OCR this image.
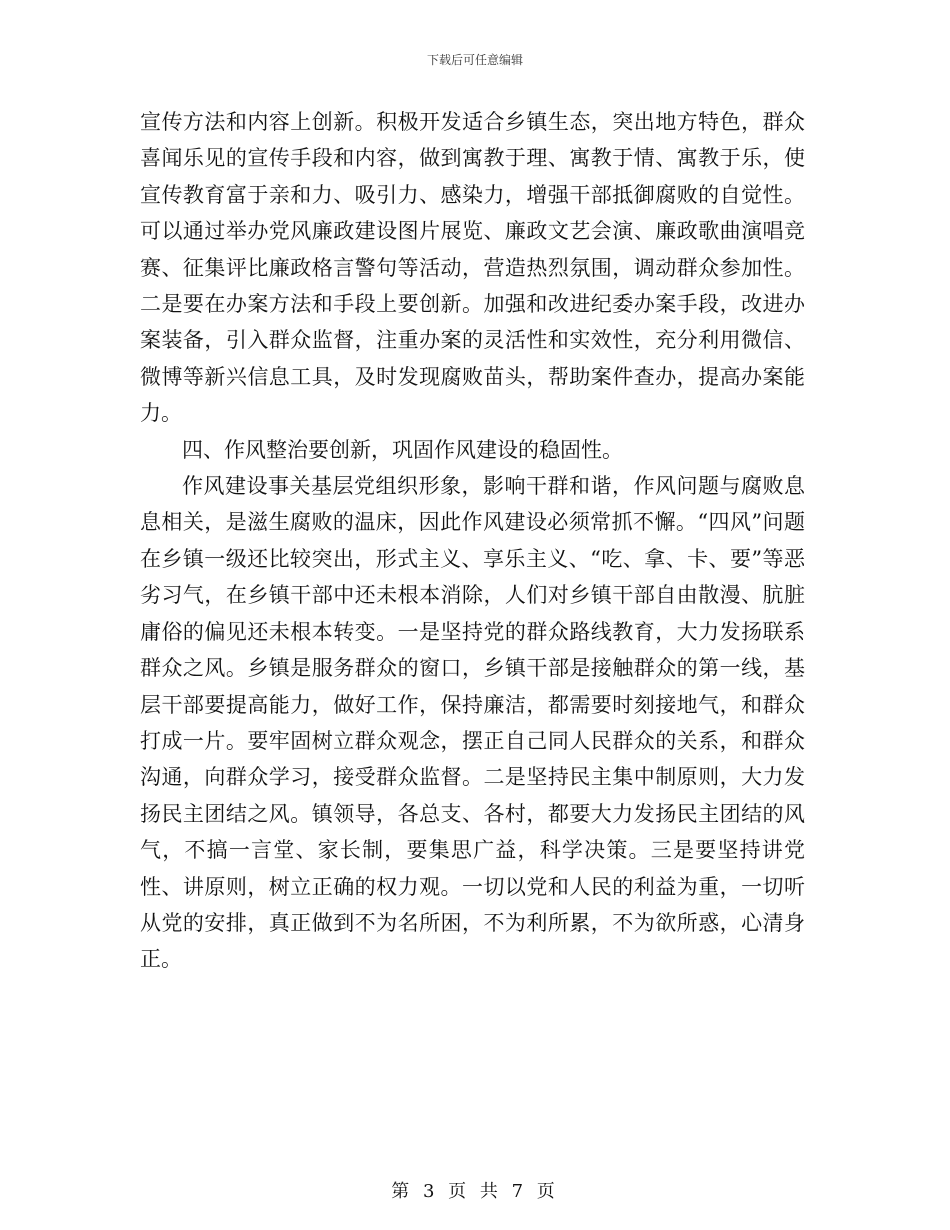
下载后可任意编辑

宣传方法和内容上创新。积极开发适合乡镇生态，突出地方特色，群众喜闻乐见的宣传手段和内容，做到寓教于理、寓教于情、寓教于乐，使宣传教育富于亲和力、吸引力、感染力，增强干部抵御腐败的自觉性。可以通过举办党风廉政建设图片展览、廉政文艺会演、廉政歌曲演唱竞赛、征集评比廉政格言警句等活动，营造热烈氛围，调动群众参加性。二是要在办案方法和手段上要创新。加强和改进纪委办案手段，改进办案装备，引入群众监督，注重办案的灵活性和实效性，充分利用微信、微博等新兴信息工具，及时发现腐败苗头，帮助案件查办，提高办案能力。

四、作风整治要创新，巩固作风建设的稳固性。

作风建设事关基层党组织形象，影响干群和谐，作风问题与腐败息息相关，是滋生腐败的温床，因此作风建设必须常抓不懈。“四风”问题在乡镇一级还比较突出，形式主义、享乐主义、“吃、拿、卡、要”等恶劣习气，在乡镇干部中还未根本消除，人们对乡镇干部自由散漫、肮脏庸俗的偏见还未根本转变。一是坚持党的群众路线教育，大力发扬联系群众之风。乡镇是服务群众的窗口，乡镇干部是接触群众的第一线，基层干部要提高能力，做好工作，保持廉洁，都需要时刻接地气，和群众打成一片。要牢固树立群众观念，摆正自己同人民群众的关系，和群众沟通，向群众学习，接受群众监督。二是坚持民主集中制原则，大力发扬民主团结之风。镇领导，各总支、各村，都要大力发扬民主团结的风气，不搞一言堂、家长制，要集思广益，科学决策。三是要坚持讲党性、讲原则，树立正确的权力观。一切以党和人民的利益为重，一切听从党的安排，真正做到不为名所困，不为利所累，不为欲所惑，心清身正。

第 3 页 共 7 页
